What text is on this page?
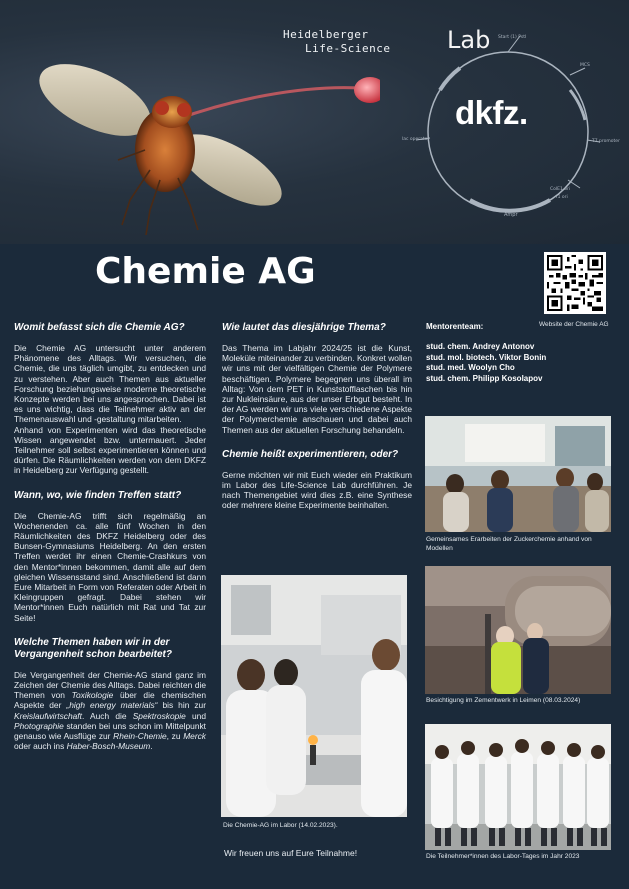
Heidelberger
Life-Science Lab Start (1) PstI
MCS
T7 promoter
ColE1 ori
f1 ori
Ampr
lac operator
dkfz.
Chemie AG
Website der Chemie AG
Womit befasst sich die Chemie AG?

Die Chemie AG untersucht unter anderem Phänomene des Alltags. Wir versuchen, die Chemie, die uns täglich umgibt, zu entdecken und zu verstehen. Aber auch Themen aus aktueller Forschung beziehungsweise moderne theoretische Konzepte werden bei uns angesprochen. Dabei ist es uns wichtig, dass die Teilnehmer aktiv an der Themenauswahl und -gestaltung mitarbeiten.

Anhand von Experimenten wird das theoretische Wissen angewendet bzw. untermauert. Jeder Teilnehmer soll selbst experimentieren können und dürfen. Die Räumlichkeiten werden von dem DKFZ in Heidelberg zur Verfügung gestellt.

Wann, wo, wie finden Treffen statt?

Die Chemie-AG trifft sich regelmäßig an Wochenenden ca. alle fünf Wochen in den Räumlichkeiten des DKFZ Heidelberg oder des Bunsen-Gymnasiums Heidelberg. An den ersten Treffen werdet ihr einen Chemie-Crashkurs von den Mentor*innen bekommen, damit alle auf dem gleichen Wissensstand sind. Anschließend ist dann Eure Mitarbeit in Form von Referaten oder Arbeit in Kleingruppen gefragt. Dabei stehen wir Mentor*innen Euch natürlich mit Rat und Tat zur Seite!

Welche Themen haben wir in der Vergangenheit schon bearbeitet?

Die Vergangenheit der Chemie-AG stand ganz im Zeichen der Chemie des Alltags. Dabei reichten die Themen von Toxikologie über die chemischen Aspekte der „high energy materials“ bis hin zur Kreislaufwirtschaft. Auch die Spektroskopie und Photographie standen bei uns schon im Mittelpunkt genauso wie Ausflüge zur Rhein-Chemie, zu Merck oder auch ins Haber-Bosch-Museum.

Wie lautet das diesjährige Thema?

Das Thema im Labjahr 2024/25 ist die Kunst, Moleküle miteinander zu verbinden. Konkret wollen wir uns mit der vielfältigen Chemie der Polymere beschäftigen. Polymere begegnen uns überall im Alltag: Von dem PET in Kunststofflaschen bis hin zur Nukleinsäure, aus der unser Erbgut besteht. In der AG werden wir uns viele verschiedene Aspekte der Polymerchemie anschauen und dabei auch Themen aus der aktuellen Forschung behandeln.

Chemie heißt experimentieren, oder?

Gerne möchten wir mit Euch wieder ein Praktikum im Labor des Life-Science Lab durchführen. Je nach Themengebiet wird dies z.B. eine Synthese oder mehrere kleine Experimente beinhalten.

Die Chemie-AG im Labor (14.02.2023).
Wir freuen uns auf Eure Teilnahme!
Mentorenteam:
stud. chem. Andrey Antonov
stud. mol. biotech. Viktor Bonin
stud. med. Woolyn Cho
stud. chem. Philipp Kosolapov
Gemeinsames Erarbeiten der Zuckerchemie anhand von Modellen
Besichtigung im Zementwerk in Leimen (08.03.2024)
Die Teilnehmer*innen des Labor-Tages im Jahr 2023
